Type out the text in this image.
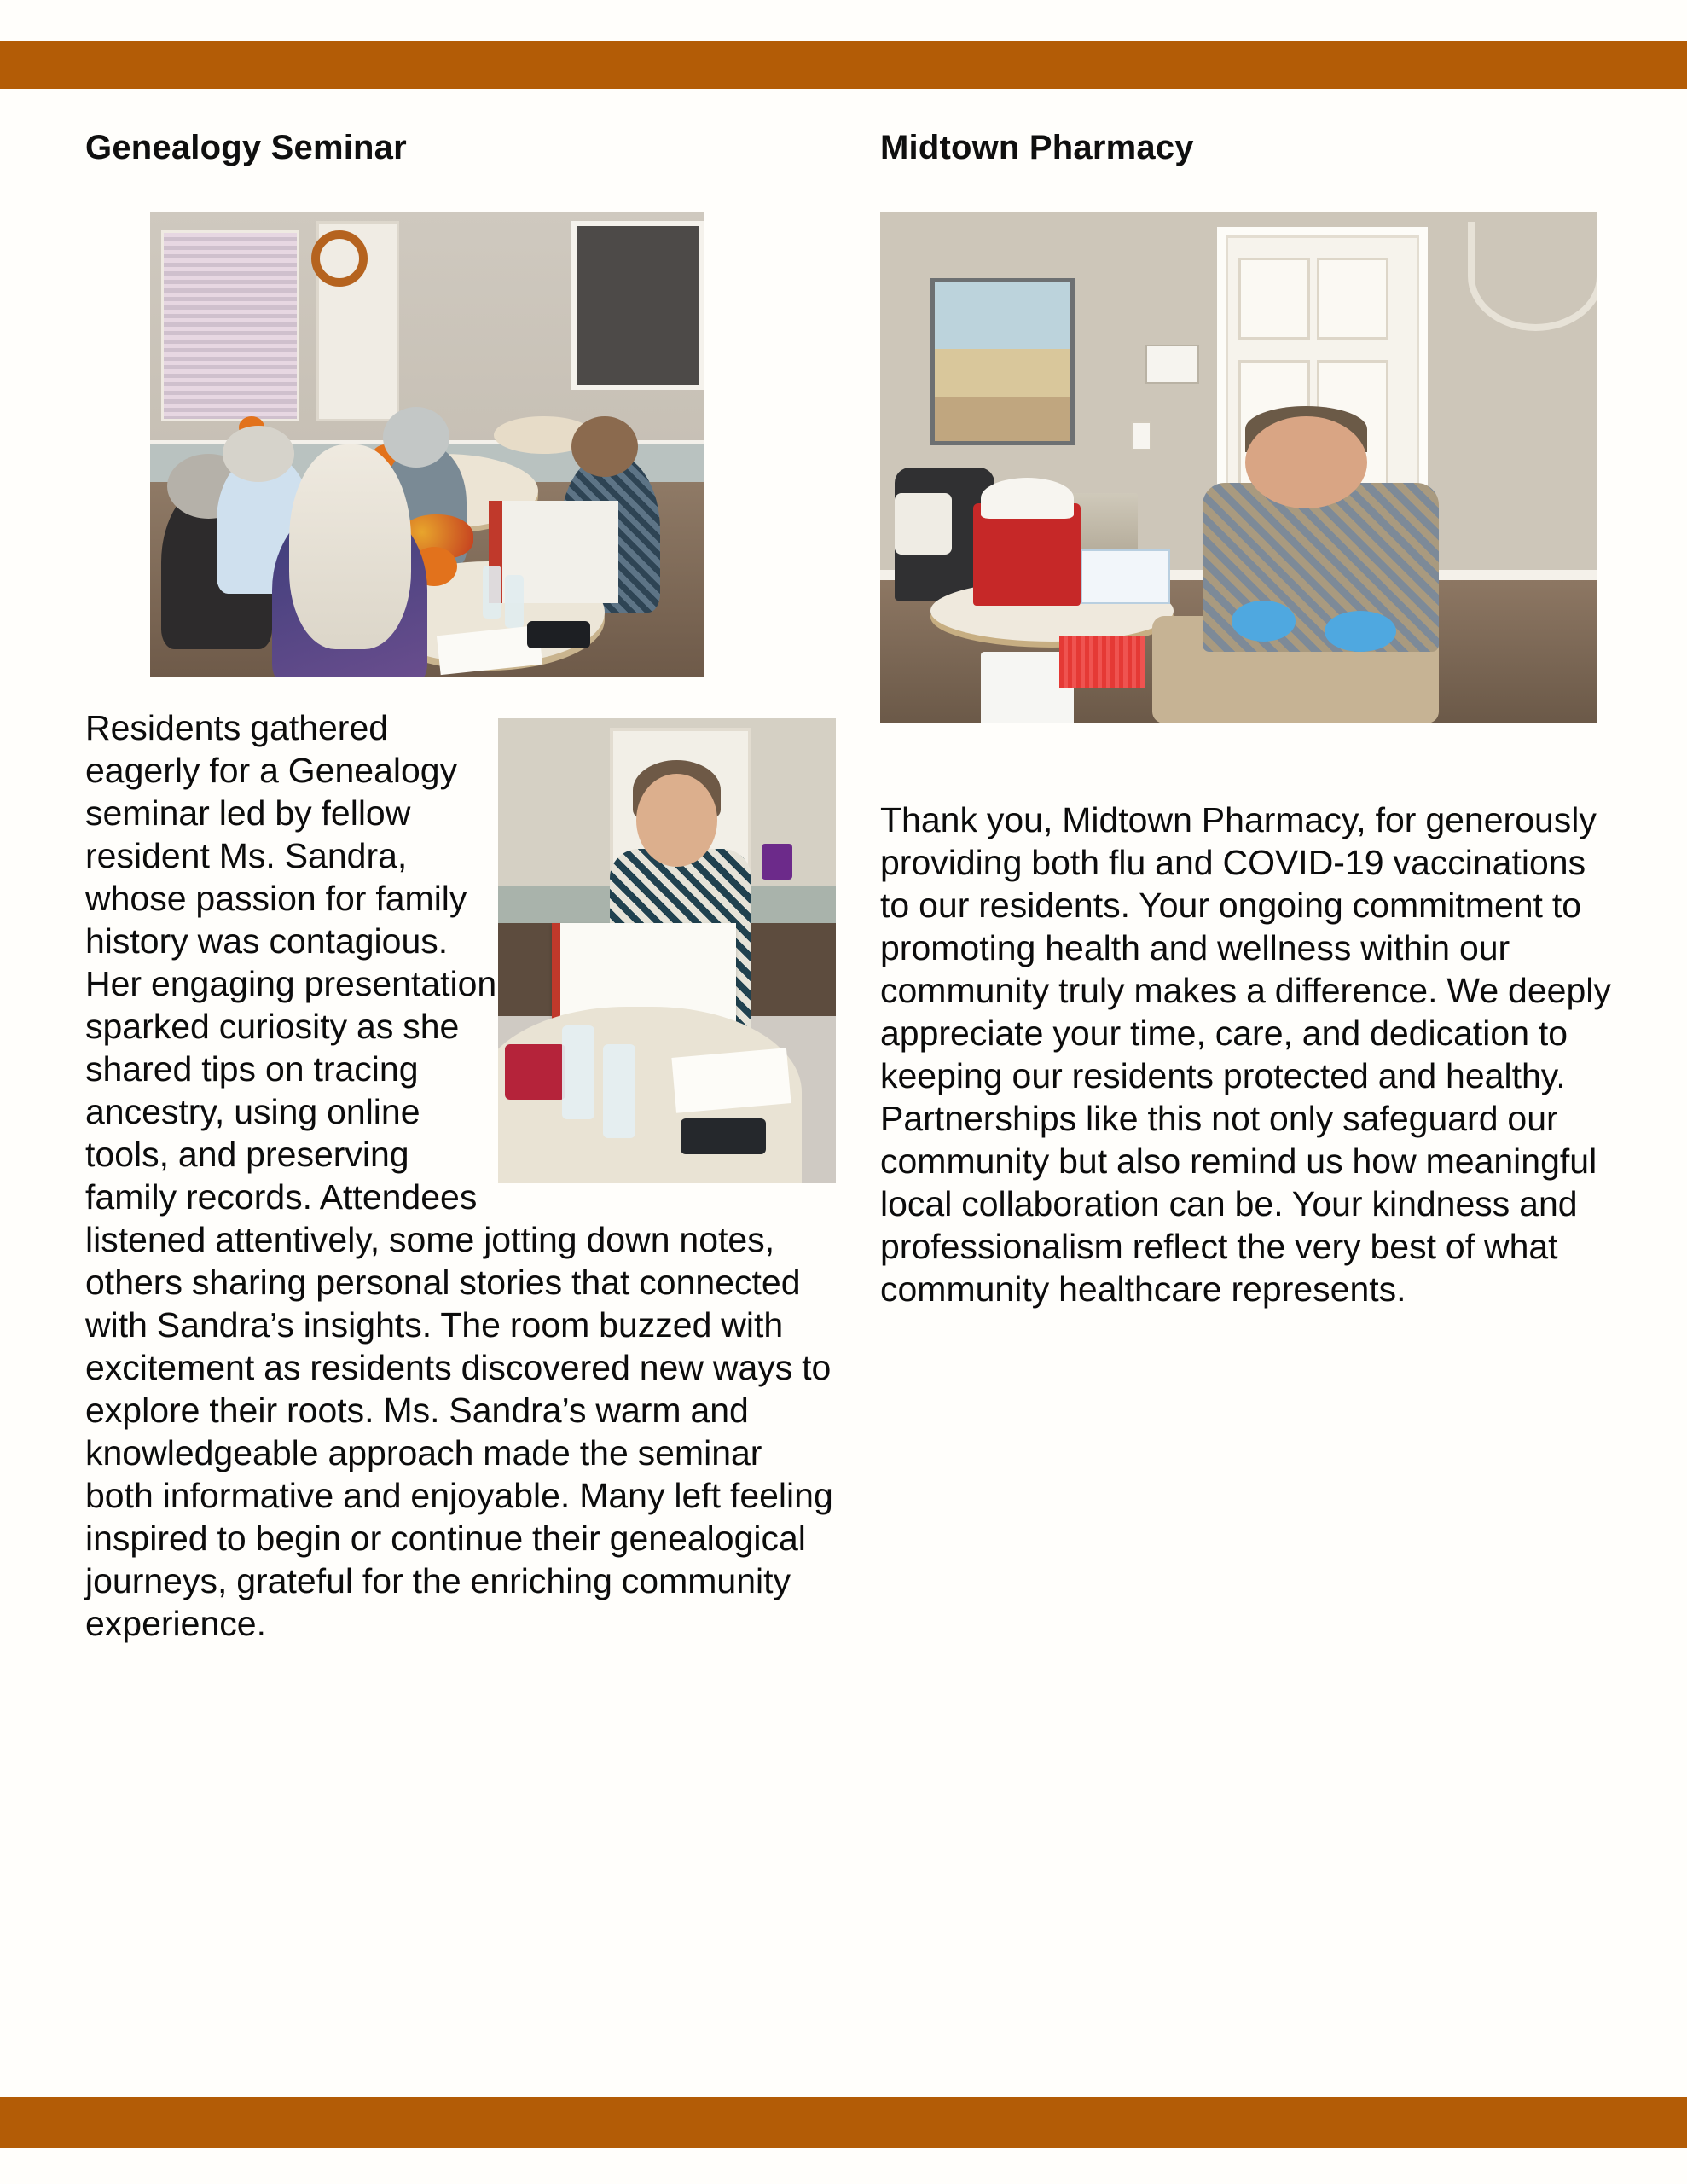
Genealogy Seminar

Residents gathered eagerly for a Genealogy seminar led by fellow resident Ms. Sandra, whose passion for family history was contagious. Her engaging presentation sparked curiosity as she shared tips on tracing ancestry, using online tools, and preserving family records. Attendees listened attentively, some jotting down notes, others sharing personal stories that connected with Sandra’s insights. The room buzzed with excitement as residents discovered new ways to explore their roots. Ms. Sandra’s warm and knowledgeable approach made the seminar both informative and enjoyable. Many left feeling inspired to begin or continue their genealogical journeys, grateful for the enriching community experience.

Midtown Pharmacy

Thank you, Midtown Pharmacy, for generously providing both flu and COVID-19 vaccinations to our residents. Your ongoing commitment to promoting health and wellness within our community truly makes a difference. We deeply appreciate your time, care, and dedication to keeping our residents protected and healthy. Partnerships like this not only safeguard our community but also remind us how meaningful local collaboration can be. Your kindness and professionalism reflect the very best of what community healthcare represents.
